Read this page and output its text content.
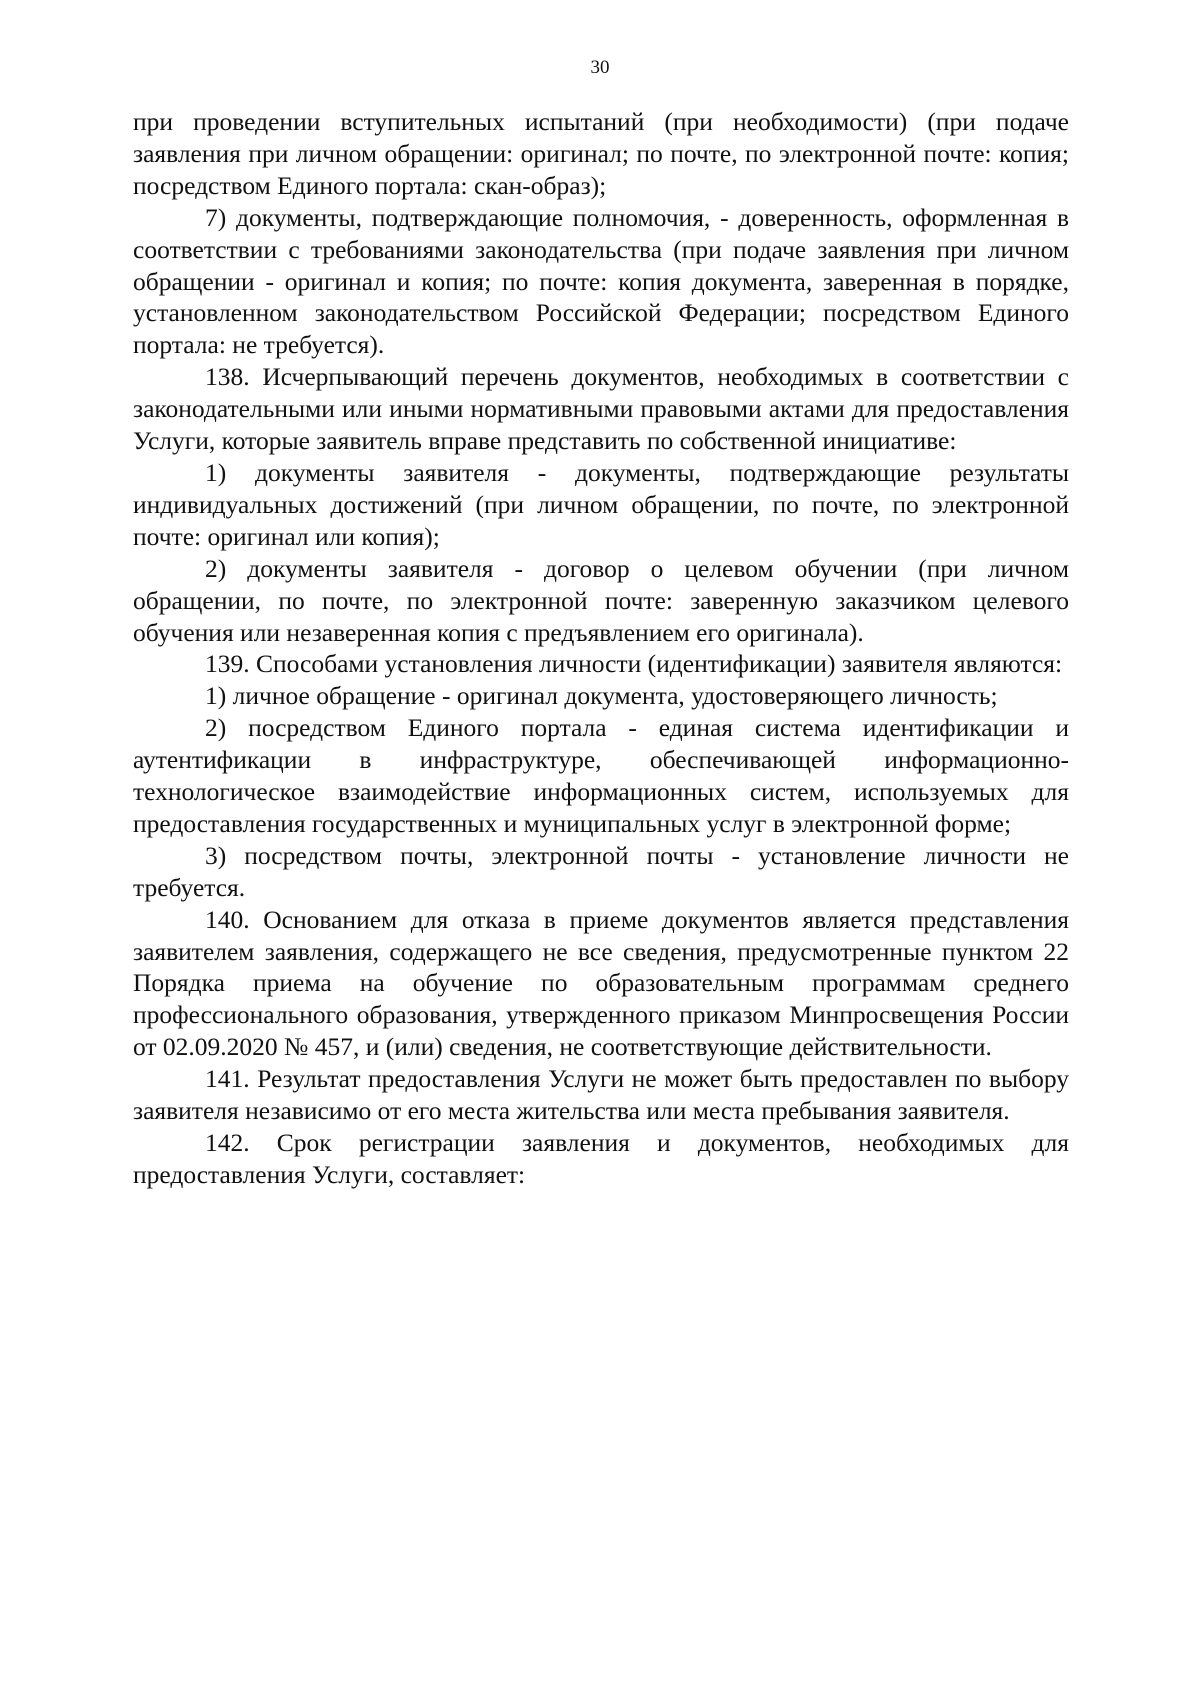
30

при проведении вступительных испытаний (при необходимости) (при подаче заявления при личном обращении: оригинал; по почте, по электронной почте: копия; посредством Единого портала: скан-образ);

7) документы, подтверждающие полномочия, - доверенность, оформленная в соответствии с требованиями законодательства (при подаче заявления при личном обращении - оригинал и копия; по почте: копия документа, заверенная в порядке, установленном законодательством Российской Федерации; посредством Единого портала: не требуется).

138. Исчерпывающий перечень документов, необходимых в соответствии с законодательными или иными нормативными правовыми актами для предоставления Услуги, которые заявитель вправе представить по собственной инициативе:

1) документы заявителя - документы, подтверждающие результаты индивидуальных достижений (при личном обращении, по почте, по электронной почте: оригинал или копия);

2) документы заявителя - договор о целевом обучении (при личном обращении, по почте, по электронной почте: заверенную заказчиком целевого обучения или незаверенная копия с предъявлением его оригинала).

139. Способами установления личности (идентификации) заявителя являются:

1) личное обращение - оригинал документа, удостоверяющего личность;

2) посредством Единого портала - единая система идентификации и аутентификации в инфраструктуре, обеспечивающей информационно-технологическое взаимодействие информационных систем, используемых для предоставления государственных и муниципальных услуг в электронной форме;

3) посредством почты, электронной почты - установление личности не требуется.

140. Основанием для отказа в приеме документов является представления заявителем заявления, содержащего не все сведения, предусмотренные пунктом 22 Порядка приема на обучение по образовательным программам среднего профессионального образования, утвержденного приказом Минпросвещения России от 02.09.2020 № 457, и (или) сведения, не соответствующие действительности.

141. Результат предоставления Услуги не может быть предоставлен по выбору заявителя независимо от его места жительства или места пребывания заявителя.

142. Срок регистрации заявления и документов, необходимых для предоставления Услуги, составляет:
